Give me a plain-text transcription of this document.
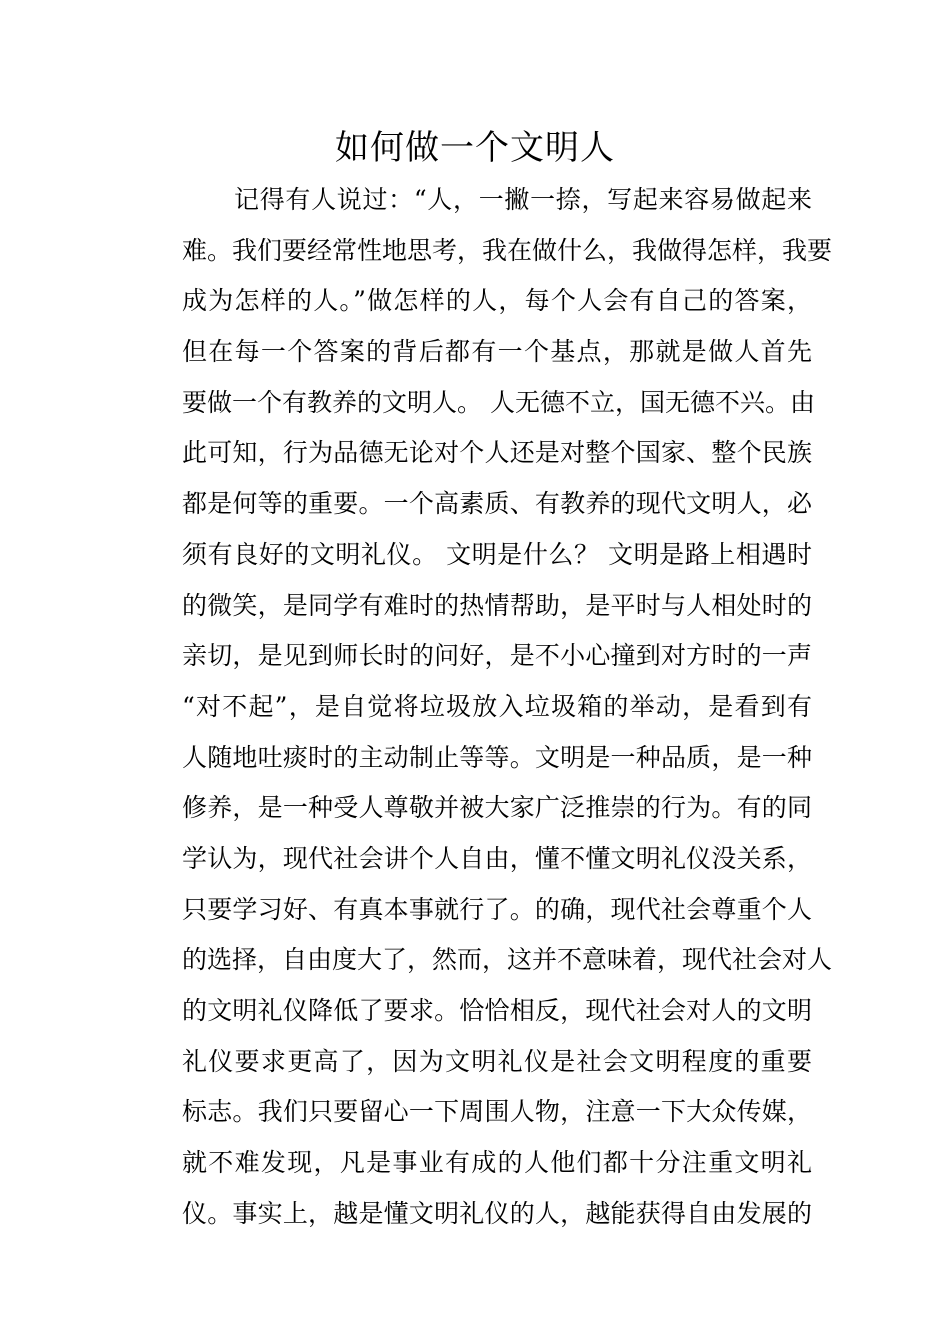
如何做一个文明人
记得有人说过：“人，一撇一捺，写起来容易做起来
难。我们要经常性地思考，我在做什么，我做得怎样，我要
成为怎样的人。”做怎样的人，每个人会有自己的答案，
但在每一个答案的背后都有一个基点，那就是做人首先
要做一个有教养的文明人。 人无德不立，国无德不兴。由
此可知，行为品德无论对个人还是对整个国家、整个民族
都是何等的重要。一个高素质、有教养的现代文明人，必
须有良好的文明礼仪。 文明是什么？ 文明是路上相遇时
的微笑，是同学有难时的热情帮助，是平时与人相处时的
亲切，是见到师长时的问好，是不小心撞到对方时的一声
“对不起”，是自觉将垃圾放入垃圾箱的举动，是看到有
人随地吐痰时的主动制止等等。文明是一种品质，是一种
修养，是一种受人尊敬并被大家广泛推崇的行为。有的同
学认为，现代社会讲个人自由，懂不懂文明礼仪没关系，
只要学习好、有真本事就行了。的确，现代社会尊重个人
的选择，自由度大了，然而，这并不意味着，现代社会对人
的文明礼仪降低了要求。恰恰相反，现代社会对人的文明
礼仪要求更高了，因为文明礼仪是社会文明程度的重要
标志。我们只要留心一下周围人物，注意一下大众传媒，
就不难发现，凡是事业有成的人他们都十分注重文明礼
仪。事实上，越是懂文明礼仪的人，越能获得自由发展的
